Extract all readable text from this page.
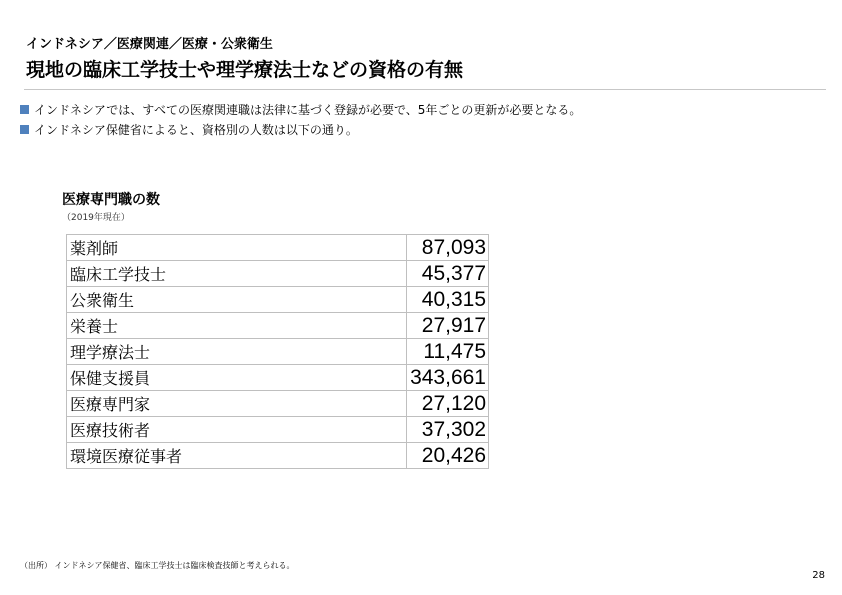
インドネシア／医療関連／医療・公衆衛生
現地の臨床工学技士や理学療法士などの資格の有無
インドネシアでは、すべての医療関連職は法律に基づく登録が必要で、5年ごとの更新が必要となる。
インドネシア保健省によると、資格別の人数は以下の通り。
医療専門職の数
（2019年現在）
薬剤師	87,093
臨床工学技士	45,377
公衆衛生	40,315
栄養士	27,917
理学療法士	11,475
保健支援員	343,661
医療専門家	27,120
医療技術者	37,302
環境医療従事者	20,426
（出所） インドネシア保健省、臨床工学技士は臨床検査技師と考えられる。
28
